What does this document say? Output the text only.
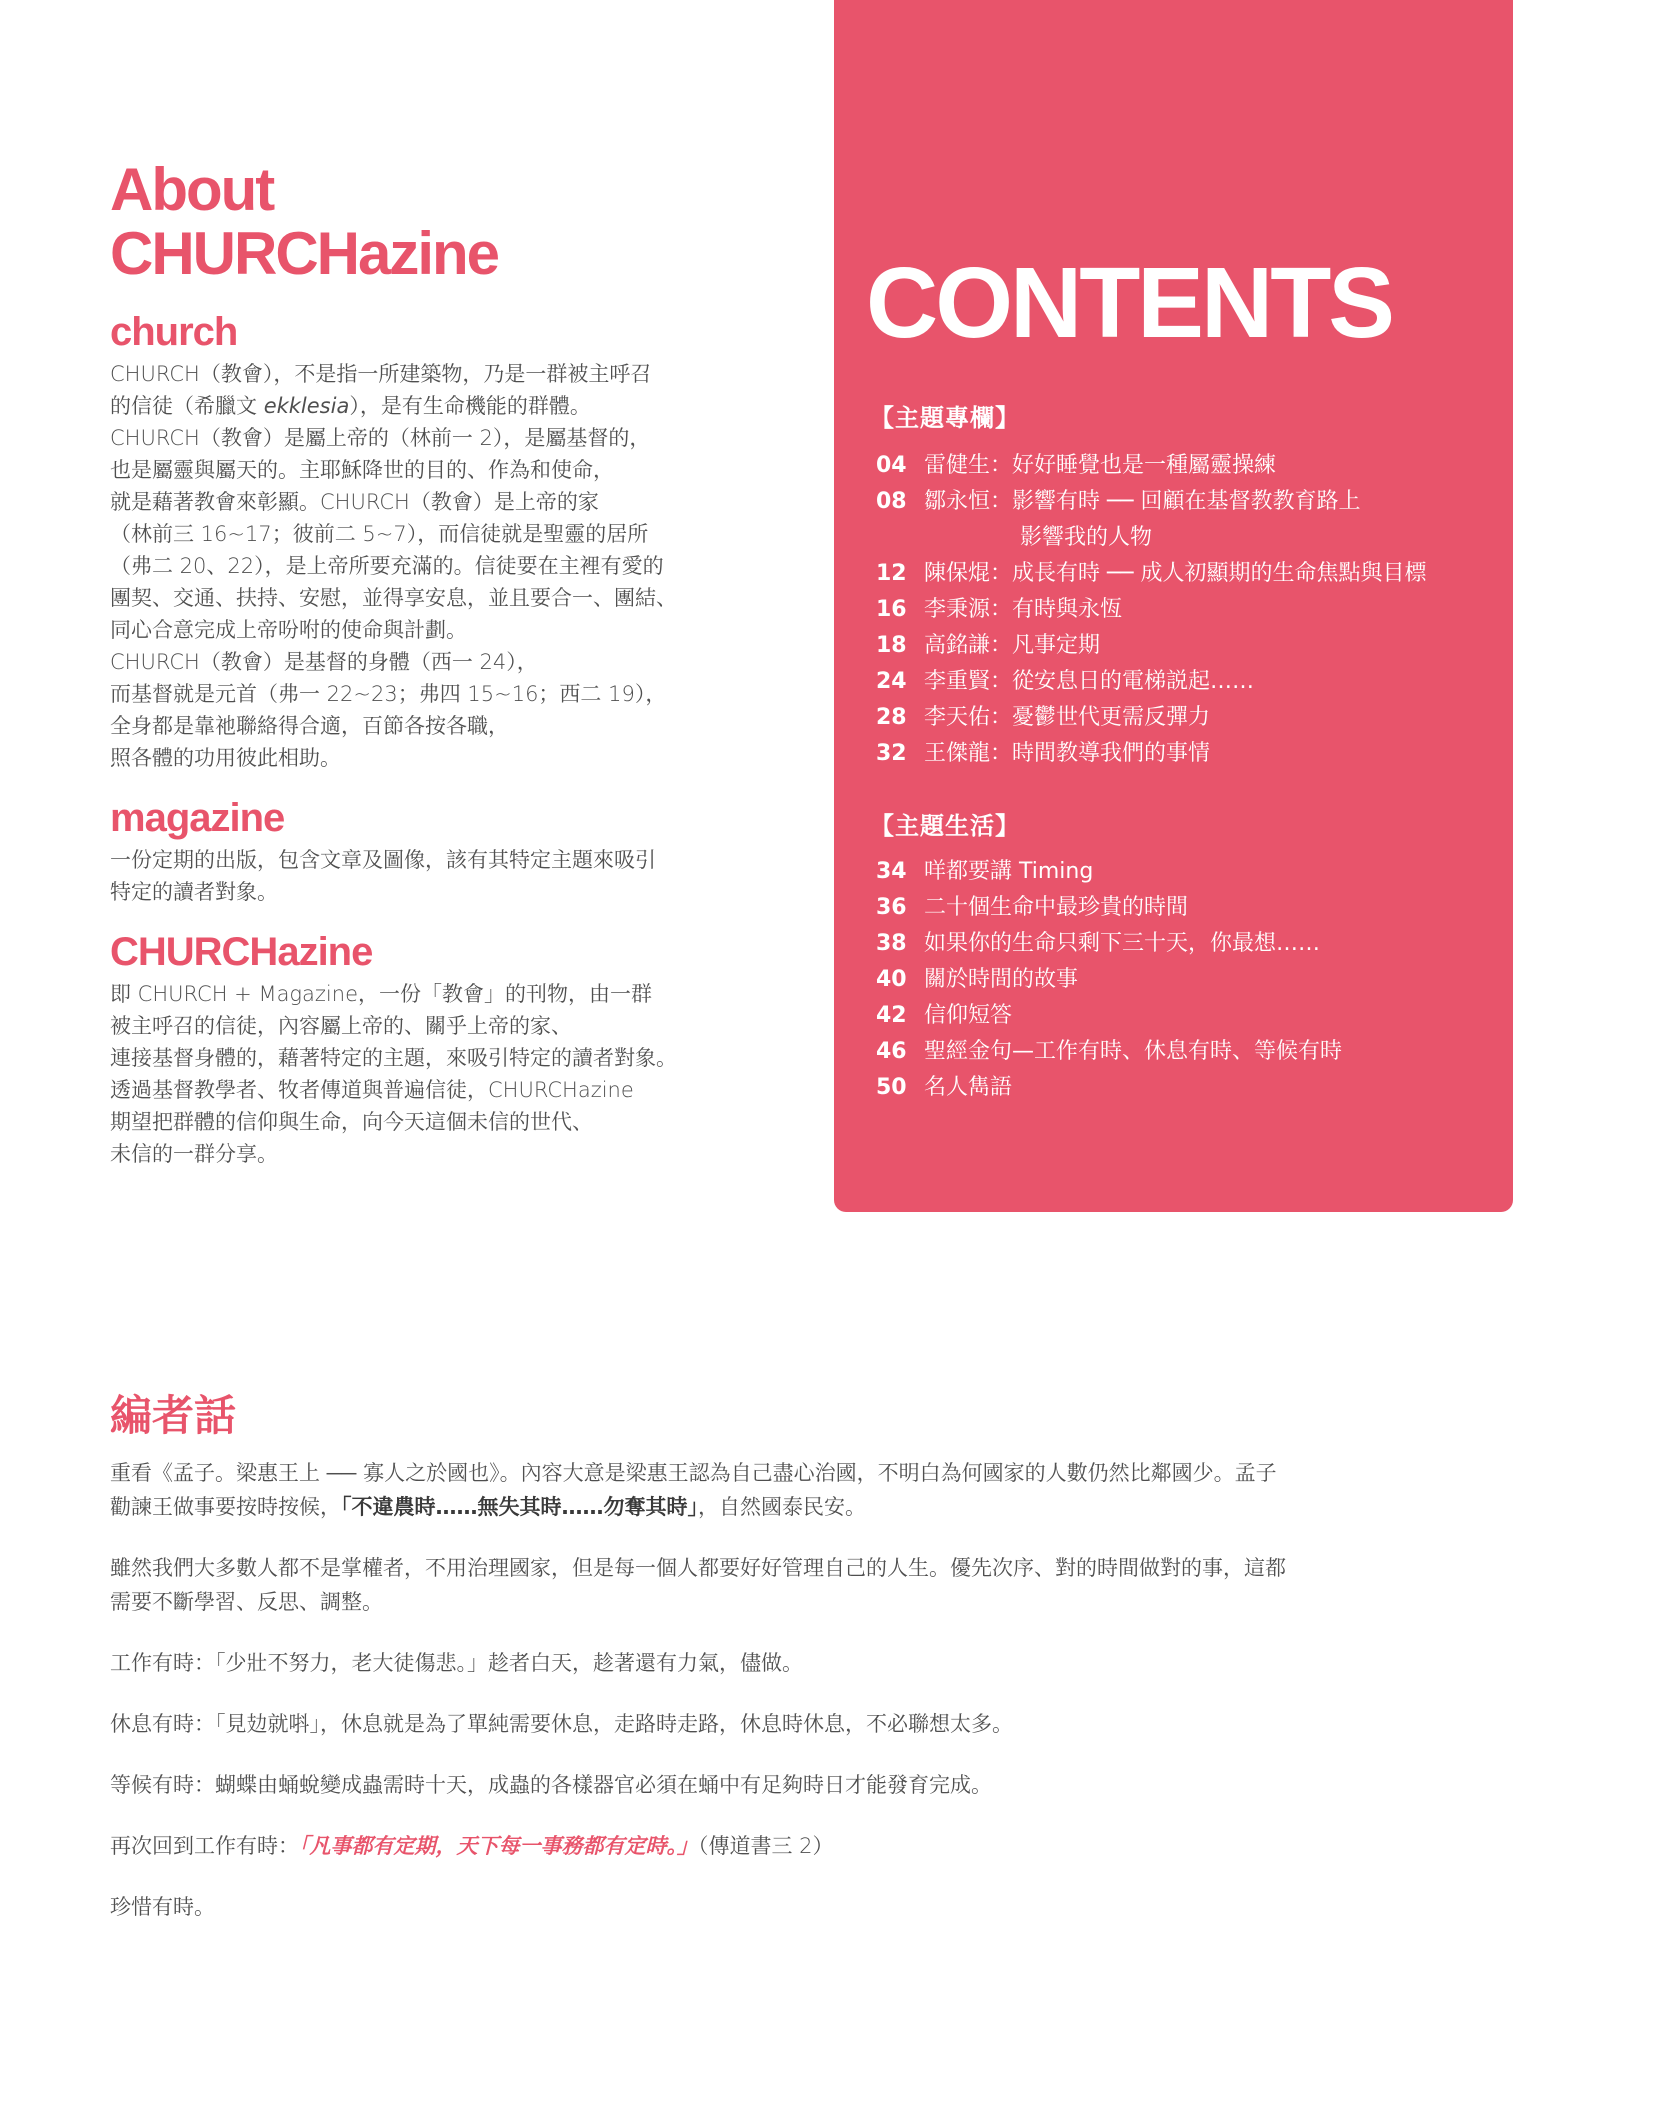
About
CHURCHazine
church
CHURCH（教會），不是指一所建築物，乃是一群被主呼召
的信徒（希臘文 ekklesia），是有生命機能的群體。
CHURCH（教會）是屬上帝的（林前一 2），是屬基督的，
也是屬靈與屬天的。主耶穌降世的目的、作為和使命，
就是藉著教會來彰顯。CHURCH（教會）是上帝的家
（林前三 16~17；彼前二 5~7），而信徒就是聖靈的居所
（弗二 20、22），是上帝所要充滿的。信徒要在主裡有愛的
團契、交通、扶持、安慰，並得享安息，並且要合一、團結、
同心合意完成上帝吩咐的使命與計劃。
CHURCH（教會）是基督的身體（西一 24），
而基督就是元首（弗一 22~23；弗四 15~16；西二 19），
全身都是靠祂聯絡得合適，百節各按各職，
照各體的功用彼此相助。
magazine
一份定期的出版，包含文章及圖像，該有其特定主題來吸引
特定的讀者對象。
CHURCHazine
即 CHURCH + Magazine，一份「教會」的刊物，由一群
被主呼召的信徒，內容屬上帝的、關乎上帝的家、
連接基督身體的，藉著特定的主題，來吸引特定的讀者對象。
透過基督教學者、牧者傳道與普遍信徒，CHURCHazine
期望把群體的信仰與生命，向今天這個未信的世代、
未信的一群分享。
CONTENTS
【主題專欄】
04 雷健生：好好睡覺也是一種屬靈操練
08 鄒永恒：影響有時 ── 回顧在基督教教育路上
影響我的人物
12 陳保焜：成長有時 ── 成人初顯期的生命焦點與目標
16 李秉源：有時與永恆
18 高銘謙：凡事定期
24 李重賢：從安息日的電梯説起……
28 李天佑：憂鬱世代更需反彈力
32 王傑龍：時間教導我們的事情
【主題生活】
34 咩都要講 Timing
36 二十個生命中最珍貴的時間
38 如果你的生命只剩下三十天，你最想……
40 關於時間的故事
42 信仰短答
46 聖經金句—工作有時、休息有時、等候有時
50 名人雋語
編者話

重看《孟子。梁惠王上 ── 寡人之於國也》。內容大意是梁惠王認為自己盡心治國，不明白為何國家的人數仍然比鄰國少。孟子
勸諫王做事要按時按候，「不違農時……無失其時……勿奪其時」，自然國泰民安。

雖然我們大多數人都不是掌權者，不用治理國家，但是每一個人都要好好管理自己的人生。優先次序、對的時間做對的事，這都
需要不斷學習、反思、調整。

工作有時：「少壯不努力，老大徒傷悲。」趁者白天，趁著還有力氣，儘做。

休息有時：「見攰就唞」，休息就是為了單純需要休息，走路時走路，休息時休息，不必聯想太多。

等候有時：蝴蝶由蛹蛻變成蟲需時十天，成蟲的各樣器官必須在蛹中有足夠時日才能發育完成。

再次回到工作有時：「凡事都有定期，天下每一事務都有定時。」（傳道書三 2）

珍惜有時。
